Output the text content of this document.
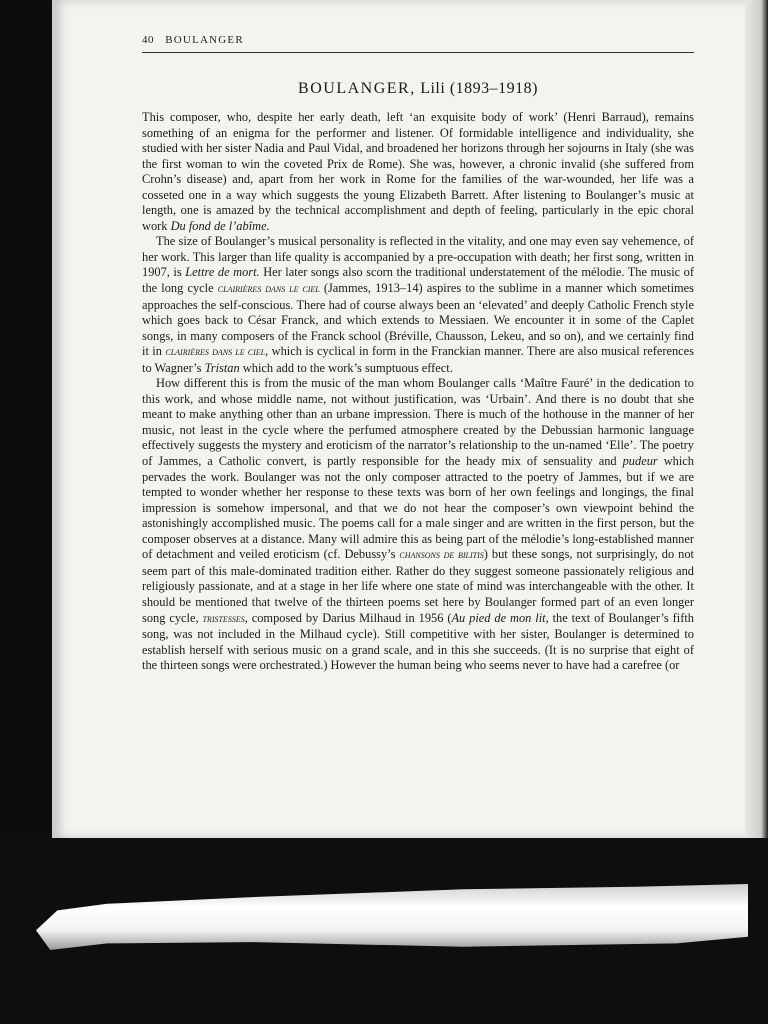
40 BOULANGER
BOULANGER, Lili (1893–1918)

This composer, who, despite her early death, left ‘an exquisite body of work’ (Henri Barraud), remains something of an enigma for the performer and listener. Of formidable intelligence and individuality, she studied with her sister Nadia and Paul Vidal, and broadened her horizons through her sojourns in Italy (she was the first woman to win the coveted Prix de Rome). She was, however, a chronic invalid (she suffered from Crohn’s disease) and, apart from her work in Rome for the families of the war-wounded, her life was a cosseted one in a way which suggests the young Elizabeth Barrett. After listening to Boulanger’s music at length, one is amazed by the technical accomplishment and depth of feeling, particularly in the epic choral work Du fond de l’abîme.

The size of Boulanger’s musical personality is reflected in the vitality, and one may even say vehemence, of her work. This larger than life quality is accompanied by a pre-occupation with death; her first song, written in 1907, is Lettre de mort. Her later songs also scorn the traditional understatement of the mélodie. The music of the long cycle clairières dans le ciel (Jammes, 1913–14) aspires to the sublime in a manner which sometimes approaches the self-conscious. There had of course always been an ‘elevated’ and deeply Catholic French style which goes back to César Franck, and which extends to Messiaen. We encounter it in some of the Caplet songs, in many composers of the Franck school (Bréville, Chausson, Lekeu, and so on), and we certainly find it in clairières dans le ciel, which is cyclical in form in the Franckian manner. There are also musical references to Wagner’s Tristan which add to the work’s sumptuous effect.

How different this is from the music of the man whom Boulanger calls ‘Maître Fauré’ in the dedication to this work, and whose middle name, not without justification, was ‘Urbain’. And there is no doubt that she meant to make anything other than an urbane impression. There is much of the hothouse in the manner of her music, not least in the cycle where the perfumed atmosphere created by the Debussian harmonic language effectively suggests the mystery and eroticism of the narrator’s relationship to the un-named ‘Elle’. The poetry of Jammes, a Catholic convert, is partly responsible for the heady mix of sensuality and pudeur which pervades the work. Boulanger was not the only composer attracted to the poetry of Jammes, but if we are tempted to wonder whether her response to these texts was born of her own feelings and longings, the final impression is somehow impersonal, and that we do not hear the composer’s own viewpoint behind the astonishingly accomplished music. The poems call for a male singer and are written in the first person, but the composer observes at a distance. Many will admire this as being part of the mélodie’s long-established manner of detachment and veiled eroticism (cf. Debussy’s chansons de bilitis) but these songs, not surprisingly, do not seem part of this male-dominated tradition either. Rather do they suggest someone passionately religious and religiously passionate, and at a stage in her life where one state of mind was interchangeable with the other. It should be mentioned that twelve of the thirteen poems set here by Boulanger formed part of an even longer song cycle, tristesses, composed by Darius Milhaud in 1956 (Au pied de mon lit, the text of Boulanger’s fifth song, was not included in the Milhaud cycle). Still competitive with her sister, Boulanger is determined to establish herself with serious music on a grand scale, and in this she succeeds. (It is no surprise that eight of the thirteen songs were orchestrated.) However the human being who seems never to have had a carefree (or
